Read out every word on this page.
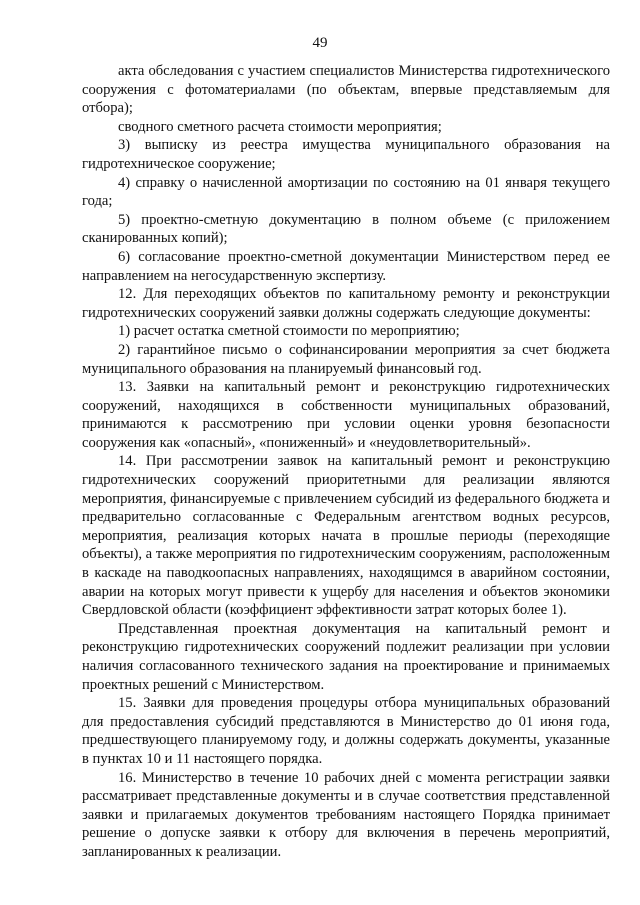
49

акта обследования с участием специалистов Министерства гидротехнического сооружения с фотоматериалами (по объектам, впервые представляемым для отбора);

сводного сметного расчета стоимости мероприятия;

3) выписку из реестра имущества муниципального образования на гидротехническое сооружение;

4) справку о начисленной амортизации по состоянию на 01 января текущего года;

5) проектно-сметную документацию в полном объеме (с приложением сканированных копий);

6) согласование проектно-сметной документации Министерством перед ее направлением на негосударственную экспертизу.

12. Для переходящих объектов по капитальному ремонту и реконструкции гидротехнических сооружений заявки должны содержать следующие документы:

1) расчет остатка сметной стоимости по мероприятию;

2) гарантийное письмо о софинансировании мероприятия за счет бюджета муниципального образования на планируемый финансовый год.

13. Заявки на капитальный ремонт и реконструкцию гидротехнических сооружений, находящихся в собственности муниципальных образований, принимаются к рассмотрению при условии оценки уровня безопасности сооружения как «опасный», «пониженный» и «неудовлетворительный».

14. При рассмотрении заявок на капитальный ремонт и реконструкцию гидротехнических сооружений приоритетными для реализации являются мероприятия, финансируемые с привлечением субсидий из федерального бюджета и предварительно согласованные с Федеральным агентством водных ресурсов, мероприятия, реализация которых начата в прошлые периоды (переходящие объекты), а также мероприятия по гидротехническим сооружениям, расположенным в каскаде на паводкоопасных направлениях, находящимся в аварийном состоянии, аварии на которых могут привести к ущербу для населения и объектов экономики Свердловской области (коэффициент эффективности затрат которых более 1).

Представленная проектная документация на капитальный ремонт и реконструкцию гидротехнических сооружений подлежит реализации при условии наличия согласованного технического задания на проектирование и принимаемых проектных решений с Министерством.

15. Заявки для проведения процедуры отбора муниципальных образований для предоставления субсидий представляются в Министерство до 01 июня года, предшествующего планируемому году, и должны содержать документы, указанные в пунктах 10 и 11 настоящего порядка.

16. Министерство в течение 10 рабочих дней с момента регистрации заявки рассматривает представленные документы и в случае соответствия представленной заявки и прилагаемых документов требованиям настоящего Порядка принимает решение о допуске заявки к отбору для включения в перечень мероприятий, запланированных к реализации.
